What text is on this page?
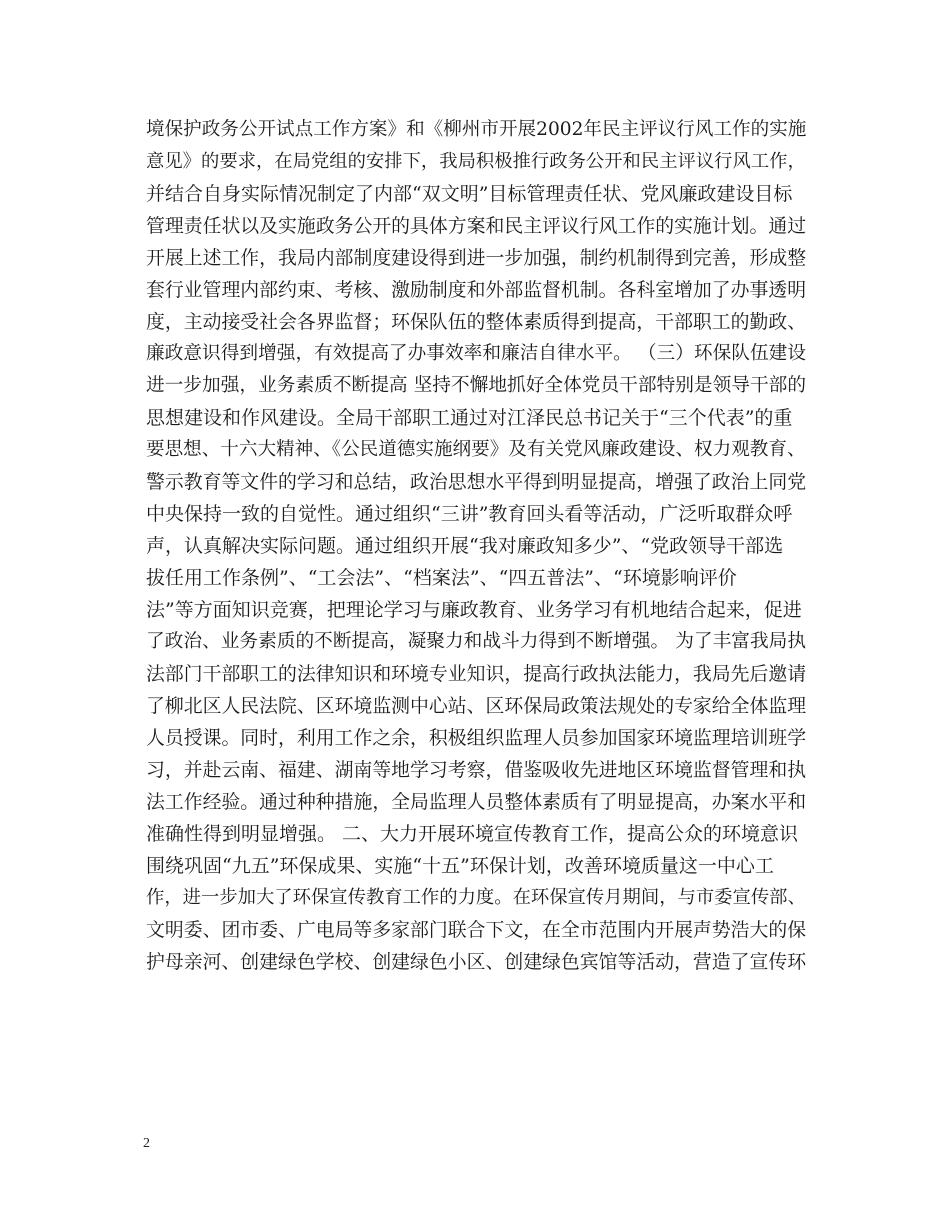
境保护政务公开试点工作方案》和《柳州市开展2002年民主评议行风工作的实施
意见》的要求，在局党组的安排下，我局积极推行政务公开和民主评议行风工作，
并结合自身实际情况制定了内部“双文明”目标管理责任状、党风廉政建设目标
管理责任状以及实施政务公开的具体方案和民主评议行风工作的实施计划。通过
开展上述工作，我局内部制度建设得到进一步加强，制约机制得到完善，形成整
套行业管理内部约束、考核、激励制度和外部监督机制。各科室增加了办事透明
度，主动接受社会各界监督；环保队伍的整体素质得到提高，干部职工的勤政、
廉政意识得到增强，有效提高了办事效率和廉洁自律水平。 （三）环保队伍建设
进一步加强，业务素质不断提高 坚持不懈地抓好全体党员干部特别是领导干部的
思想建设和作风建设。全局干部职工通过对江泽民总书记关于“三个代表”的重
要思想、十六大精神、《公民道德实施纲要》及有关党风廉政建设、权力观教育、
警示教育等文件的学习和总结，政治思想水平得到明显提高，增强了政治上同党
中央保持一致的自觉性。通过组织“三讲”教育回头看等活动，广泛听取群众呼
声，认真解决实际问题。通过组织开展“我对廉政知多少”、“党政领导干部选
拔任用工作条例”、“工会法”、“档案法”、“四五普法”、“环境影响评价
法”等方面知识竞赛，把理论学习与廉政教育、业务学习有机地结合起来，促进
了政治、业务素质的不断提高，凝聚力和战斗力得到不断增强。 为了丰富我局执
法部门干部职工的法律知识和环境专业知识，提高行政执法能力，我局先后邀请
了柳北区人民法院、区环境监测中心站、区环保局政策法规处的专家给全体监理
人员授课。同时，利用工作之余，积极组织监理人员参加国家环境监理培训班学
习，并赴云南、福建、湖南等地学习考察，借鉴吸收先进地区环境监督管理和执
法工作经验。通过种种措施，全局监理人员整体素质有了明显提高，办案水平和
准确性得到明显增强。 二、大力开展环境宣传教育工作，提高公众的环境意识
围绕巩固“九五”环保成果、实施“十五”环保计划，改善环境质量这一中心工
作，进一步加大了环保宣传教育工作的力度。在环保宣传月期间，与市委宣传部、
文明委、团市委、广电局等多家部门联合下文，在全市范围内开展声势浩大的保
护母亲河、创建绿色学校、创建绿色小区、创建绿色宾馆等活动，营造了宣传环
2
